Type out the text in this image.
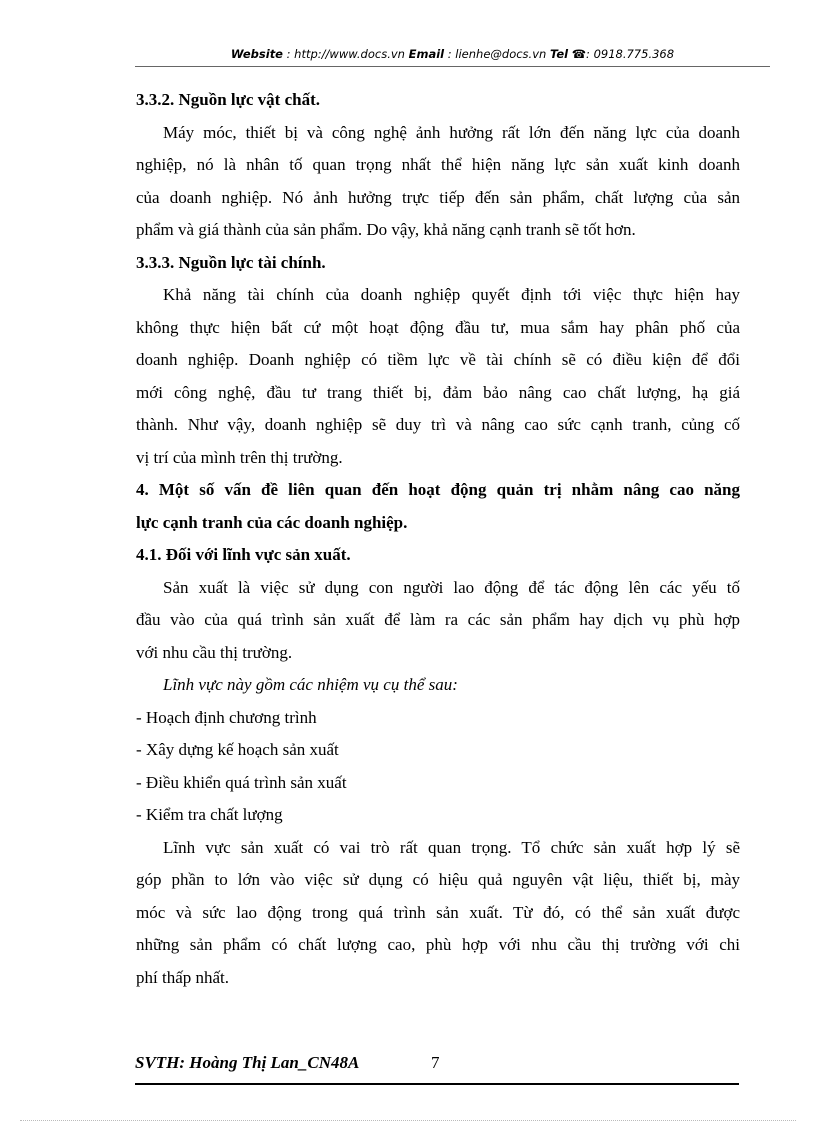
Website : http://www.docs.vn Email : lienhe@docs.vn Tel ☎: 0918.775.368
3.3.2. Nguồn lực vật chất.
Máy móc, thiết bị và công nghệ ảnh hưởng rất lớn đến năng lực của doanh
nghiệp, nó là nhân tố quan trọng nhất thể hiện năng lực sản xuất kinh doanh
của doanh nghiệp. Nó ảnh hưởng trực tiếp đến sản phẩm, chất lượng của sản
phẩm và giá thành của sản phẩm. Do vậy, khả năng cạnh tranh sẽ tốt hơn.
3.3.3. Nguồn lực tài chính.
Khả năng tài chính của doanh nghiệp quyết định tới việc thực hiện hay
không thực hiện bất cứ một hoạt động đầu tư, mua sắm hay phân phố của
doanh nghiệp. Doanh nghiệp có tiềm lực về tài chính sẽ có điều kiện để đổi
mới công nghệ, đầu tư trang thiết bị, đảm bảo nâng cao chất lượng, hạ giá
thành. Như vậy, doanh nghiệp sẽ duy trì và nâng cao sức cạnh tranh, củng cố
vị trí của mình trên thị trường.
4. Một số vấn đề liên quan đến hoạt động quản trị nhằm nâng cao năng
lực cạnh tranh của các doanh nghiệp.
4.1. Đối với lĩnh vực sản xuất.
Sản xuất là việc sử dụng con người lao động để tác động lên các yếu tố
đầu vào của quá trình sản xuất để làm ra các sản phẩm hay dịch vụ phù hợp
với nhu cầu thị trường.
Lĩnh vực này gồm các nhiệm vụ cụ thể sau:
- Hoạch định chương trình
- Xây dựng kế hoạch sản xuất
- Điều khiển quá trình sản xuất
- Kiểm tra chất lượng
Lĩnh vực sản xuất có vai trò rất quan trọng. Tổ chức sản xuất hợp lý sẽ
góp phần to lớn vào việc sử dụng có hiệu quả nguyên vật liệu, thiết bị, mày
móc và sức lao động trong quá trình sản xuất. Từ đó, có thể sản xuất được
những sản phẩm có chất lượng cao, phù hợp với nhu cầu thị trường với chi
phí thấp nhất.
SVTH: Hoàng Thị Lan_CN48A	7
